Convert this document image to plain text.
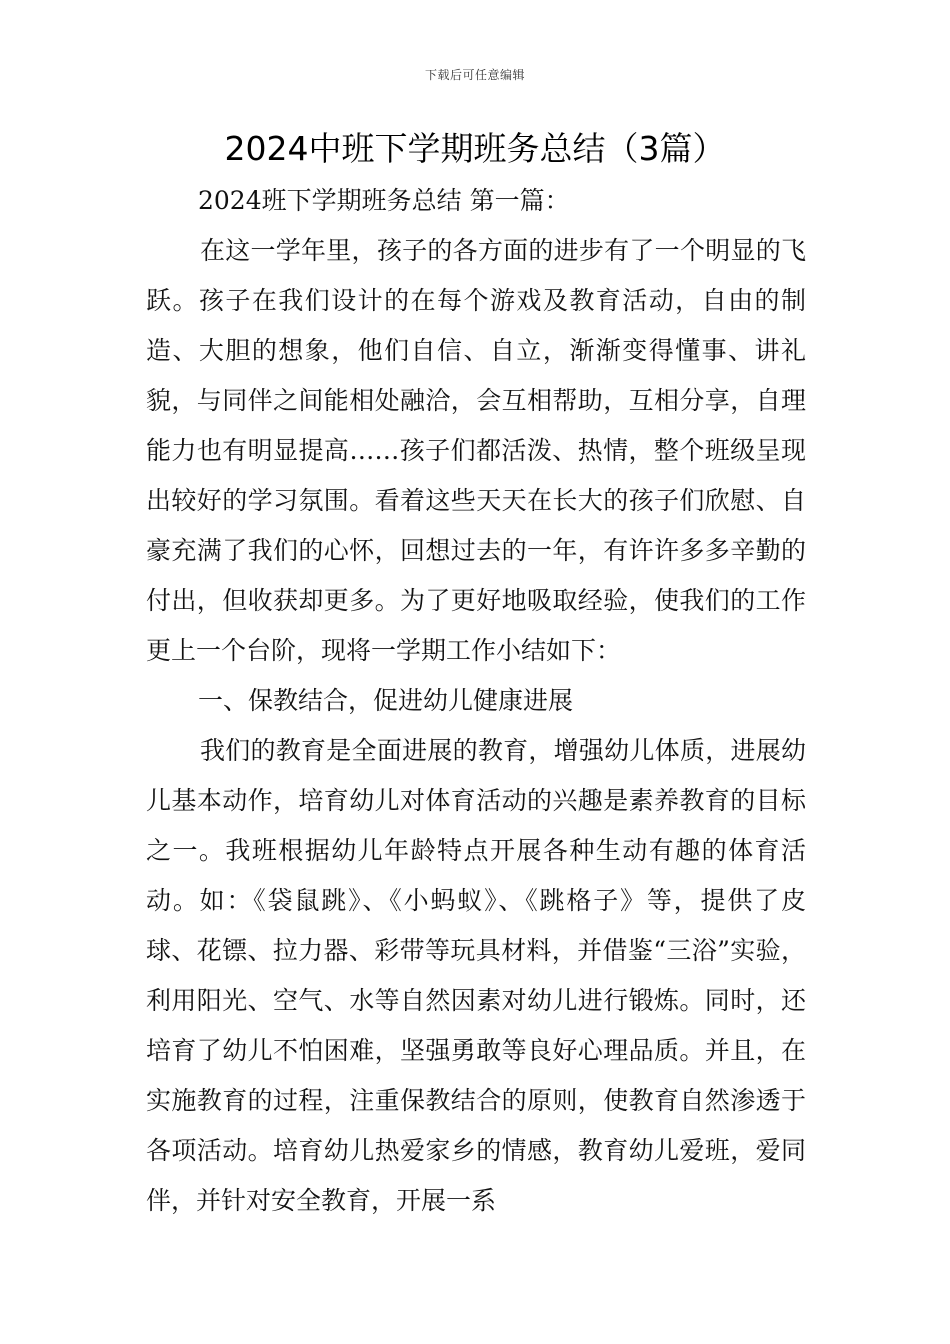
下载后可任意编辑
2024中班下学期班务总结（3篇）

2024班下学期班务总结 第一篇：

在这一学年里，孩子的各方面的进步有了一个明显的飞跃。孩子在我们设计的在每个游戏及教育活动，自由的制造、大胆的想象，他们自信、自立，渐渐变得懂事、讲礼貌，与同伴之间能相处融洽，会互相帮助，互相分享，自理能力也有明显提高……孩子们都活泼、热情，整个班级呈现出较好的学习氛围。看着这些天天在长大的孩子们欣慰、自豪充满了我们的心怀，回想过去的一年，有许许多多辛勤的付出，但收获却更多。为了更好地吸取经验，使我们的工作更上一个台阶，现将一学期工作小结如下：

一、保教结合，促进幼儿健康进展

我们的教育是全面进展的教育，增强幼儿体质，进展幼儿基本动作，培育幼儿对体育活动的兴趣是素养教育的目标之一。我班根据幼儿年龄特点开展各种生动有趣的体育活动。如：《袋鼠跳》、《小蚂蚁》、《跳格子》等，提供了皮球、花镖、拉力器、彩带等玩具材料，并借鉴“三浴”实验，利用阳光、空气、水等自然因素对幼儿进行锻炼。同时，还培育了幼儿不怕困难，坚强勇敢等良好心理品质。并且，在实施教育的过程，注重保教结合的原则，使教育自然渗透于各项活动。培育幼儿热爱家乡的情感，教育幼儿爱班，爱同伴，并针对安全教育，开展一系
